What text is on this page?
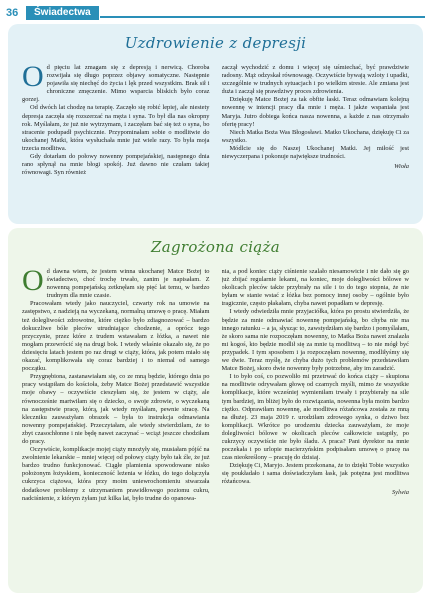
36	Świadectwa
Uzdrowienie z depresji

Od pięciu lat zmagam się z depresją i nerwicą. Choroba rozwijała się długo poprzez objawy somatyczne. Następnie pojawiła się niechęć do życia i lęk przed wszystkim. Brak sił i chroniczne zmęczenie. Mimo wsparcia bliskich było coraz gorzej.

Od dwóch lat chodzę na terapię. Zaczęło się robić lepiej, ale niestety depresja zaczęła się rozszerzać na męża i syna. To był dla nas okropny rok. Myślałam, że już nie wytrzymam, i zaczęłam bać się też o syna, bo stracenie podupadł psychicznie. Przypominałam sobie o modlitwie do ukochanej Matki, która wysłuchała mnie już wiele razy. To była moja trzecia modlitwa.

Gdy dotarłam do połowy nowenny pompejańskiej, następnego dnia rano spłynął na mnie błogi spokój. Już dawno nie czułam takiej równowagi. Syn również

zaczął wychodzić z domu i więcej się uśmiechać, być prawdziwie radosny. Mąż odzyskał równowagę. Oczywiście bywają wzloty i upadki, szczególnie w trudnych sytuacjach i po wielkim stresie. Ale zmiana jest duża i zaczął się prawdziwy proces zdrowienia.

Dziękuję Matce Bożej za tak obfite łaski. Teraz odmawiam kolejną nowennę w intencji pracy dla mnie i męża. I jakże wspaniała jest Maryja. Jutro dobiega końca nasza nowenna, a każde z nas otrzymało ofertę pracy!

Niech Matka Boża Was Błogosławi. Matko Ukochana, dziękuję Ci za wszystko.

Módlcie się do Naszej Ukochanej Matki. Jej miłość jest niewyczerpana i pokonuje największe trudności.

Wioła
Zagrożona ciąża

Od dawna wiem, że jestem winna ukochanej Matce Bożej to świadectwo, choć trochę trwało, zanim je napisałam. Z nowenną pompejańską zetknęłam się pięć lat temu, w bardzo trudnym dla mnie czasie.

Pracowałam wtedy jako nauczyciel, czwarty rok na umowie na zastępstwo, z nadzieją na wyczekaną, normalną umowę o pracę. Miałam też dolegliwości zdrowotne, które ciężko było zdiagnozować – bardzo dokuczliwe bóle pleców utrudniające chodzenie, a oprócz tego przyczynie, przez które z trudem wstawałam z łóżka, a nawet nie mogłam przewrócić się na drugi bok. I wtedy właśnie okazało się, że po dziesięciu latach jestem po raz drugi w ciąży, która, jak potem miało się okazać, komplikowała się coraz bardziej i to niemal od samego początku.

Przygnębiona, zastanawiałam się, co ze mną będzie, którego dnia po pracy wstąpiłam do kościoła, żeby Matce Bożej przedstawić wszystkie moje obawy – oczywiście cieszyłam się, że jestem w ciąży, ale równocześnie martwiłam się o dziecko, o swoje zdrowie, o wyczekaną na zastępstwie pracę, którą, jak wtedy myślałam, pewnie stracę. Na kleczniku zauważyłam obrazek – była to instrukcja odmawiania nowenny pompejańskiej. Przeczytałam, ale wtedy stwierdziłam, że to zbyt czasochłonne i nie będę nawet zaczynać – wciąż jeszcze chodziłam do pracy.

Oczywiście, komplikacje mojej ciąży mnożyły się, musiałam pójść na zwolnienie lekarskie – mniej więcej od połowy ciąży było tak źle, że już bardzo trudno funkcjonować. Ciągłe plamienia spowodowane nisko położonym łożyskiem, konieczność leżenia w łóżku, do tego dołączyła cukrzyca ciążowa, która przy moim uniewrochomieniu stwarzała dodatkowe problemy z utrzymaniem prawidłowego poziomu cukru, nadciśnienie, z którym żyłam już kilka lat, było trudne do opanowa-

nia, a pod koniec ciąży ciśnienie szalało niesamowicie i nie dało się go już zbijać regularnie lekami, na koniec, moje dolegliwości bólowe w okolicach pleców także przybrały na sile i to do tego stopnia, że nie byłam w stanie wstać z łóżka bez pomocy innej osoby – ogólnie było tragicznie, często płakałam, chyba nawet popadłam w depresję.

I wtedy odwiedziła mnie przyjaciółka, która po prostu stwierdziła, że będzie za mnie odmawiać nowennę pompejańską, bo chyba nie ma innego ratunku – a ja, słysząc to, zawstydziłam się bardzo i pomyślałam, że skoro sama nie rozpoczęłam nowenny, to Matka Boża nawet znalazła mi kogoś, kto będzie modlił się za mnie tą modlitwą – to nie mógł być przypadek. I tym sposobem i ja rozpoczęłam nowennę, modliłyśmy się we dwie. Teraz myślę, że chyba dużo tych problemów przedstawiłam Matce Bożej, skoro dwie nowenny były potrzebne, aby im zaradzić.

I to było coś, co pozwoliło mi przetrwać do końca ciąży – skupiona na modlitwie odrywałam głowę od czarnych myśli, mimo że wszystkie komplikacje, które wcześniej wymieniłam trwały i przybierały na sile tym bardziej, im bliżej było do rozwiązania, nowenna była moim bardzo ciężko. Odprawiłam nowennę, ale modlitwa różańcowa została ze mną na dłużej. 23 maja 2019 r. urodziłam zdrowego synka, o dziwo bez komplikacji. Wkrótce po urodzeniu dziecka zauważyłam, że moje dolegliwości bólowe w okolicach pleców całkowicie ustąpiły, po cukrzycy oczywiście nie było śladu. A praca? Pani dyrektor na mnie poczekała i po urlopie macierzyńskim podpisałam umowę o pracę na czas nieokreślony – pracuję do dzisiaj.

Dziękuję Ci, Maryjo. Jestem przekonana, że to dzięki Tobie wszystko się poukładało i sama doświadczyłam łask, jak potężna jest modlitwa różańcowa.

Sylwia
